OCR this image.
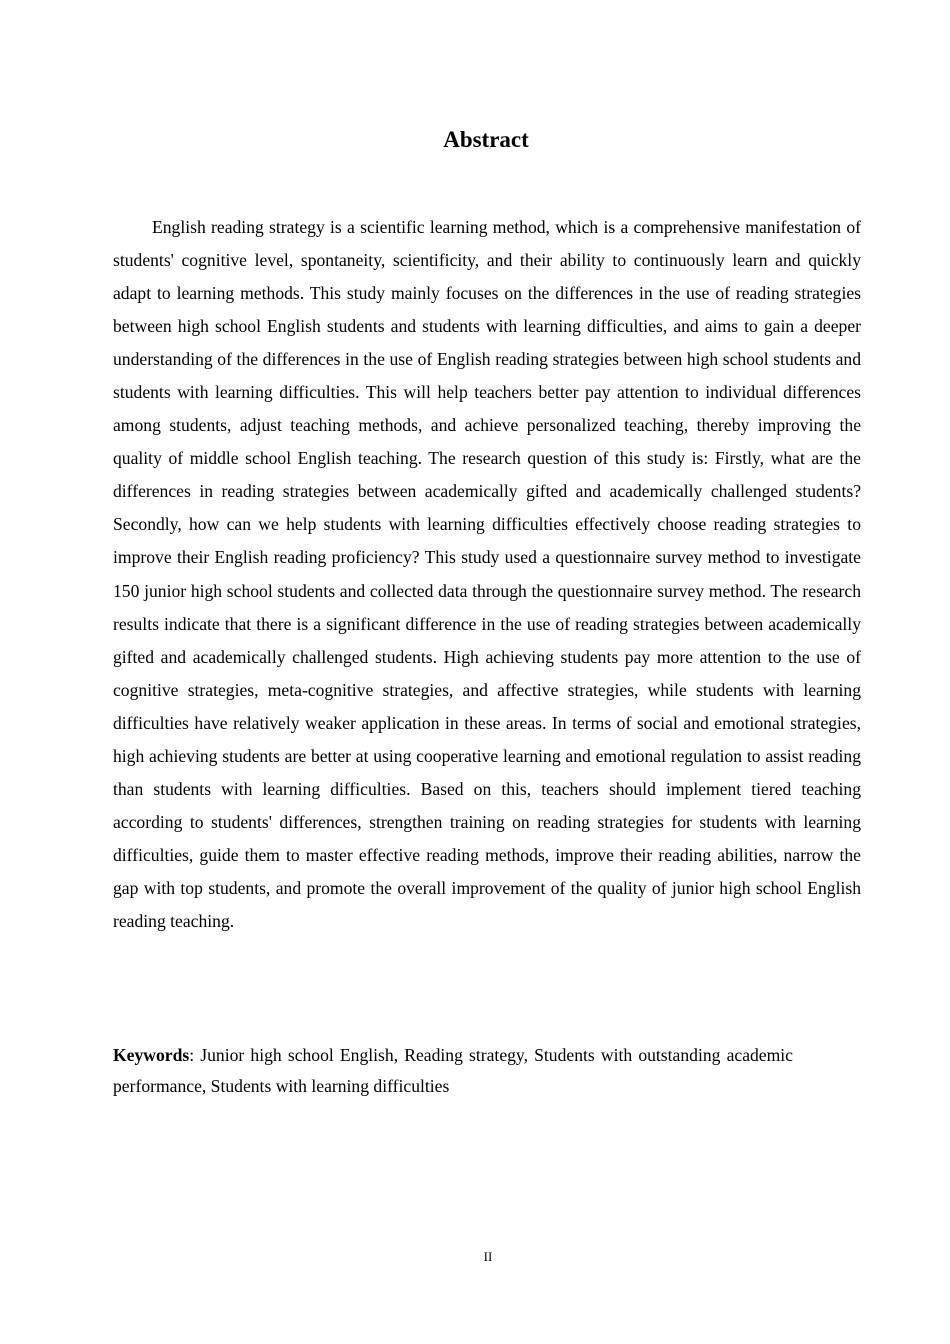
Abstract

English reading strategy is a scientific learning method, which is a comprehensive manifestation of students' cognitive level, spontaneity, scientificity, and their ability to continuously learn and quickly adapt to learning methods. This study mainly focuses on the differences in the use of reading strategies between high school English students and students with learning difficulties, and aims to gain a deeper understanding of the differences in the use of English reading strategies between high school students and students with learning difficulties. This will help teachers better pay attention to individual differences among students, adjust teaching methods, and achieve personalized teaching, thereby improving the quality of middle school English teaching. The research question of this study is: Firstly, what are the differences in reading strategies between academically gifted and academically challenged students? Secondly, how can we help students with learning difficulties effectively choose reading strategies to improve their English reading proficiency? This study used a questionnaire survey method to investigate 150 junior high school students and collected data through the questionnaire survey method. The research results indicate that there is a significant difference in the use of reading strategies between academically gifted and academically challenged students. High achieving students pay more attention to the use of cognitive strategies, meta-cognitive strategies, and affective strategies, while students with learning difficulties have relatively weaker application in these areas. In terms of social and emotional strategies, high achieving students are better at using cooperative learning and emotional regulation to assist reading than students with learning difficulties. Based on this, teachers should implement tiered teaching according to students' differences, strengthen training on reading strategies for students with learning difficulties, guide them to master effective reading methods, improve their reading abilities, narrow the gap with top students, and promote the overall improvement of the quality of junior high school English reading teaching.

Keywords: Junior high school English, Reading strategy, Students with outstanding academic performance, Students with learning difficulties

II
